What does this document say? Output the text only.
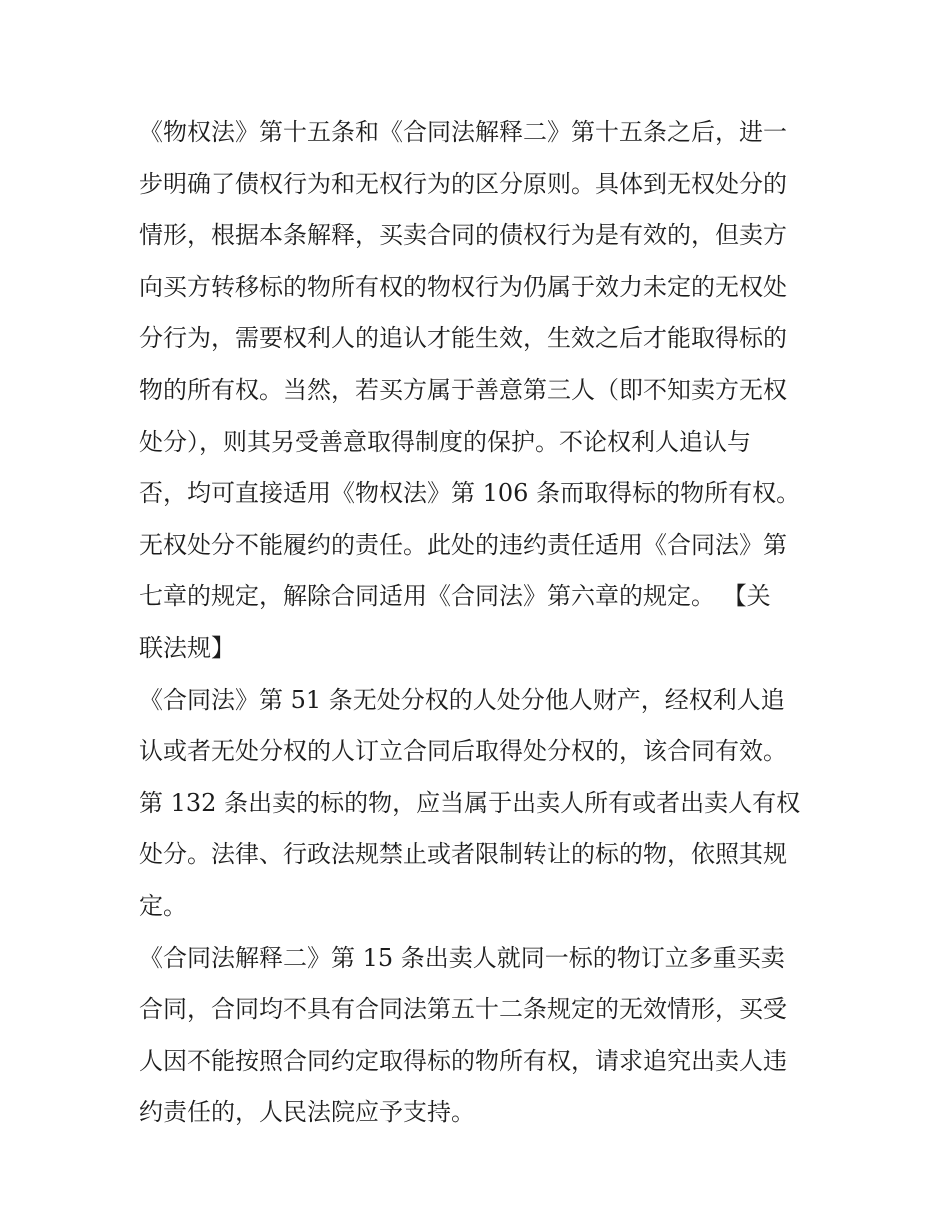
《物权法》第十五条和《合同法解释二》第十五条之后，进一
步明确了债权行为和无权行为的区分原则。具体到无权处分的
情形，根据本条解释，买卖合同的债权行为是有效的，但卖方
向买方转移标的物所有权的物权行为仍属于效力未定的无权处
分行为，需要权利人的追认才能生效，生效之后才能取得标的
物的所有权。当然，若买方属于善意第三人（即不知卖方无权
处分），则其另受善意取得制度的保护。不论权利人追认与
否，均可直接适用《物权法》第 106 条而取得标的物所有权。
无权处分不能履约的责任。此处的违约责任适用《合同法》第
七章的规定，解除合同适用《合同法》第六章的规定。 【关
联法规】
《合同法》第 51 条无处分权的人处分他人财产，经权利人追
认或者无处分权的人订立合同后取得处分权的，该合同有效。
第 132 条出卖的标的物，应当属于出卖人所有或者出卖人有权
处分。法律、行政法规禁止或者限制转让的标的物，依照其规
定。
《合同法解释二》第 15 条出卖人就同一标的物订立多重买卖
合同，合同均不具有合同法第五十二条规定的无效情形，买受
人因不能按照合同约定取得标的物所有权，请求追究出卖人违
约责任的，人民法院应予支持。
